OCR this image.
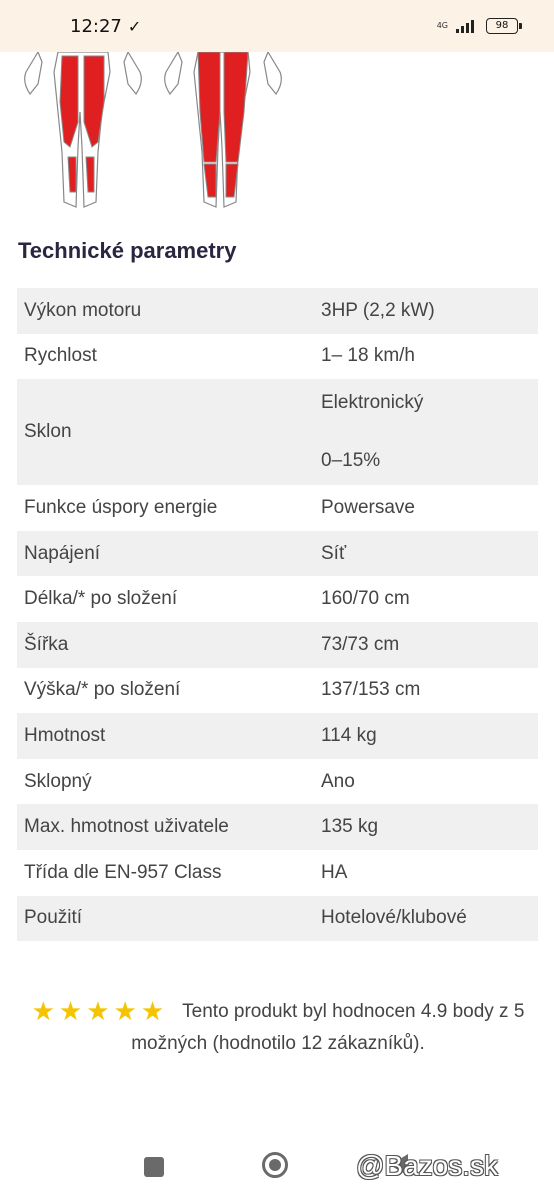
12:27 ✓	4G	98
Technické parametry
Výkon motoru	3HP (2,2 kW)
Rychlost	1– 18 km/h
Sklon	Elektronický
0–15%

Funkce úspory energie	Powersave
Napájení	Síť
Délka/* po složení	160/70 cm
Šířka	73/73 cm
Výška/* po složení	137/153 cm
Hmotnost	114 kg
Sklopný	Ano
Max. hmotnost uživatele	135 kg
Třída dle EN-957 Class	HA
Použití	Hotelové/klubové
★ ★ ★ ★ ★ Tento produkt byl hodnocen 4.9 body z 5 možných (hodnotilo 12 zákazníků).
@Bazos.sk
